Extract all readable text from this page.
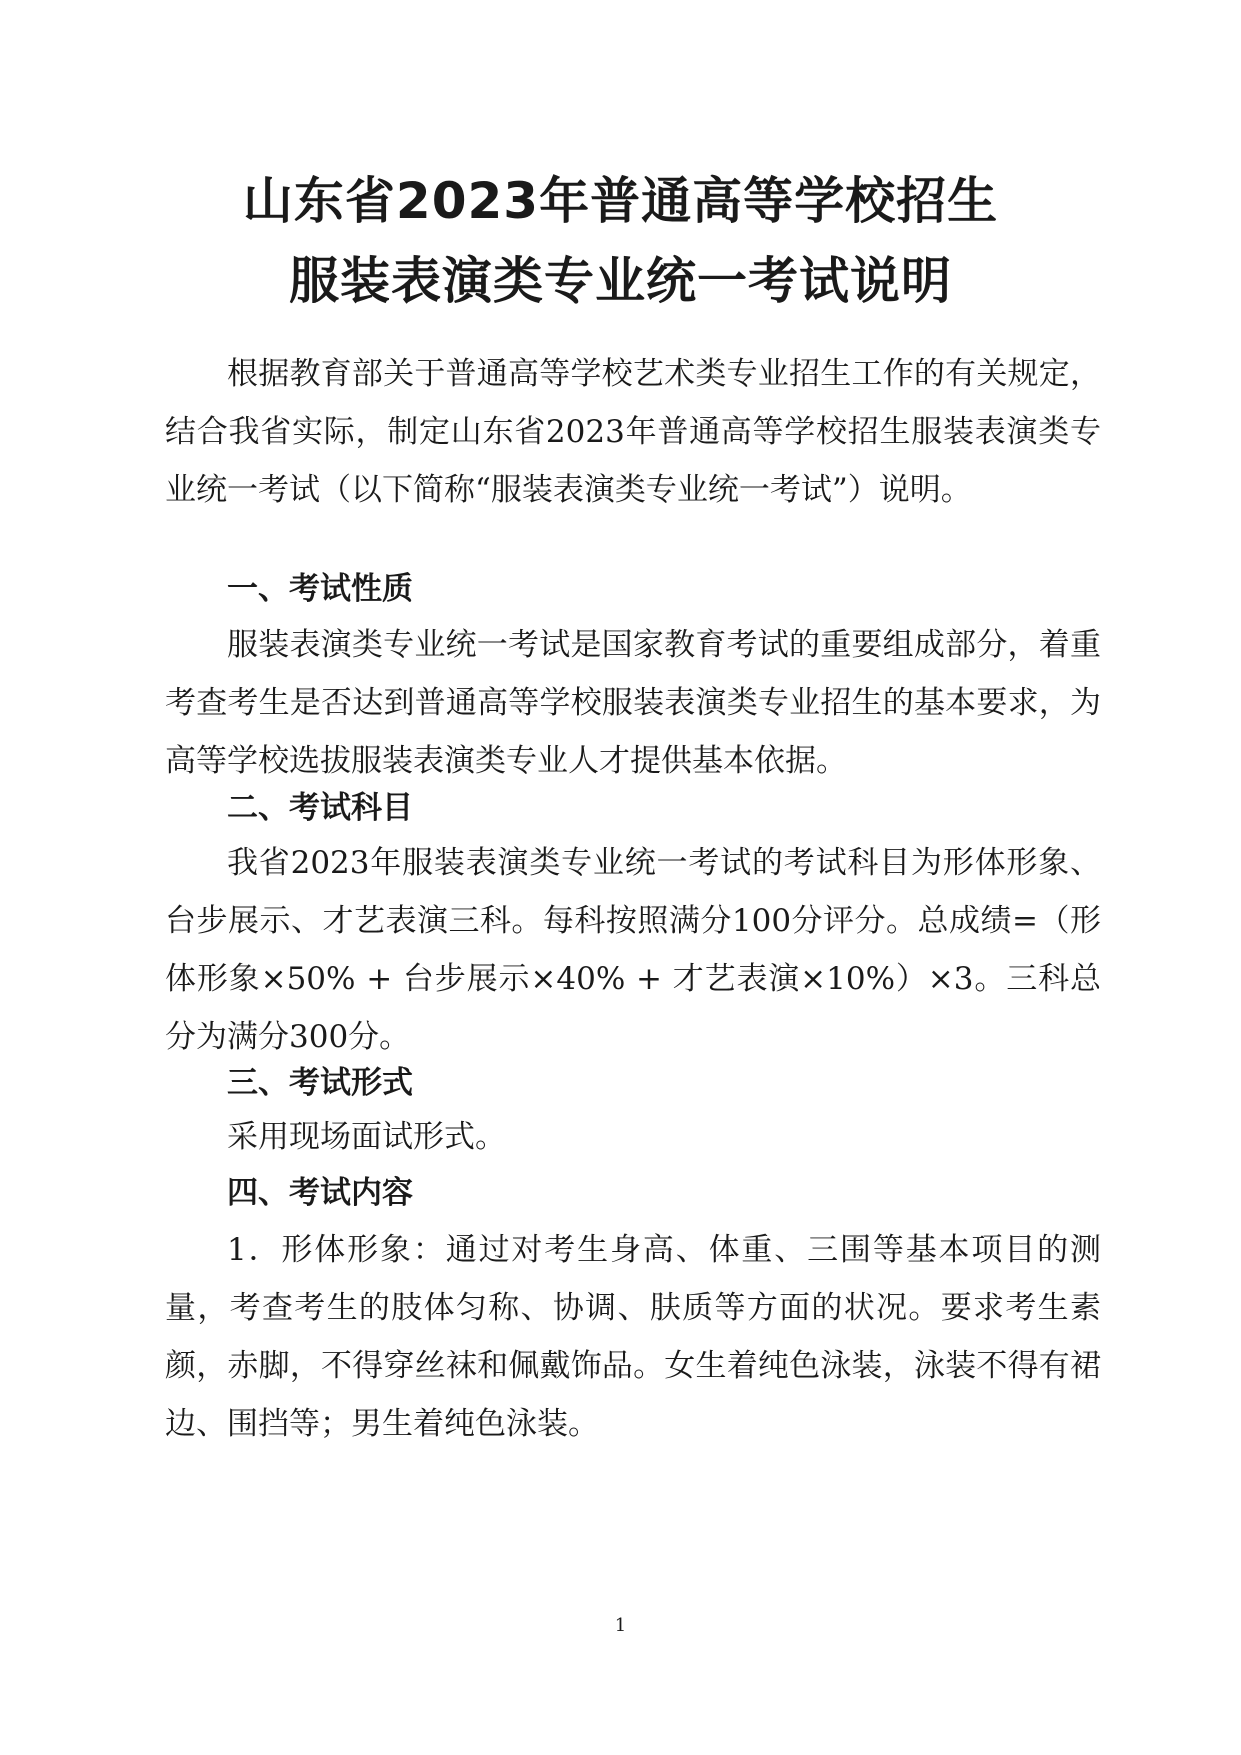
山东省2023年普通高等学校招生
服装表演类专业统一考试说明

根据教育部关于普通高等学校艺术类专业招生工作的有关规定，结合我省实际，制定山东省2023年普通高等学校招生服装表演类专业统一考试（以下简称“服装表演类专业统一考试”）说明。

一、考试性质

服装表演类专业统一考试是国家教育考试的重要组成部分，着重考查考生是否达到普通高等学校服装表演类专业招生的基本要求，为高等学校选拔服装表演类专业人才提供基本依据。

二、考试科目

我省2023年服装表演类专业统一考试的考试科目为形体形象、台步展示、才艺表演三科。每科按照满分100分评分。总成绩=（形体形象×50% + 台步展示×40% + 才艺表演×10%）×3。三科总分为满分300分。

三、考试形式

采用现场面试形式。

四、考试内容

1．形体形象：通过对考生身高、体重、三围等基本项目的测量，考查考生的肢体匀称、协调、肤质等方面的状况。要求考生素颜，赤脚，不得穿丝袜和佩戴饰品。女生着纯色泳装，泳装不得有裙边、围挡等；男生着纯色泳装。

1
